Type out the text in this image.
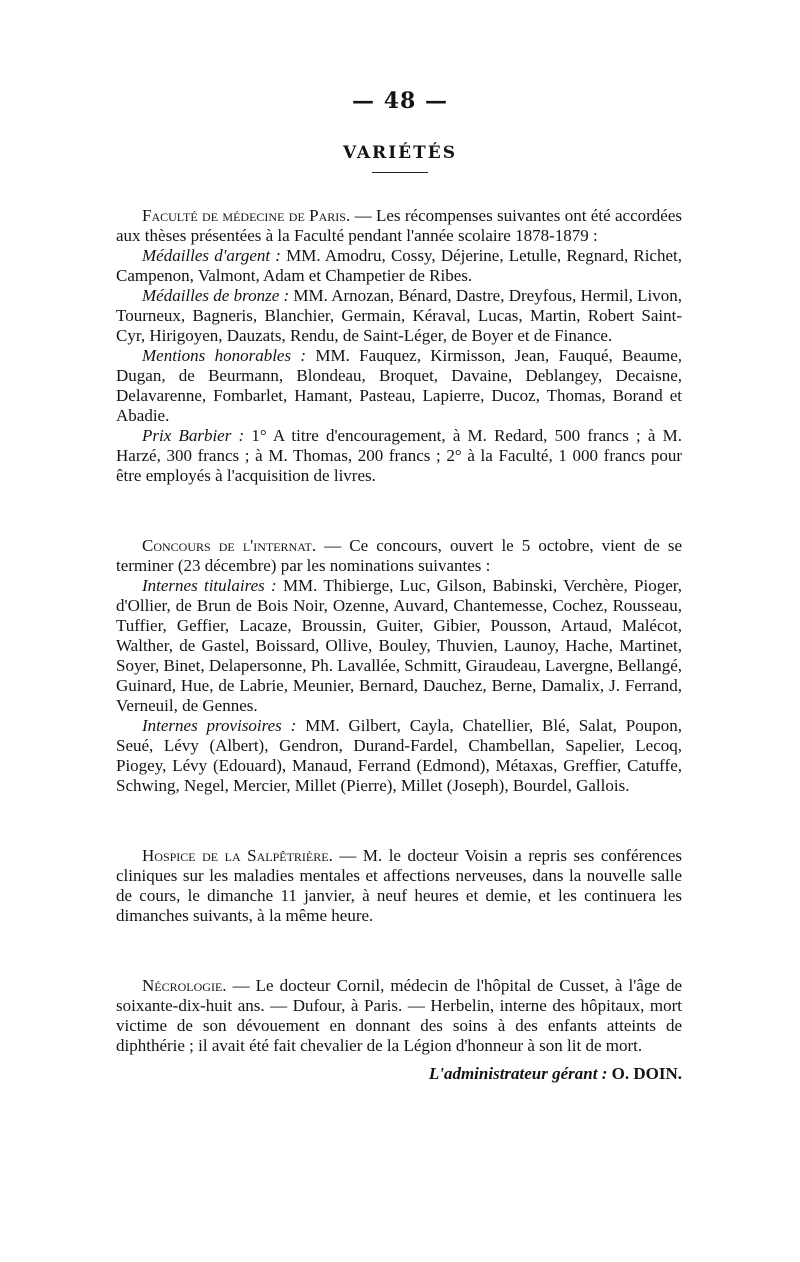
— 48 —
VARIÉTÉS

Faculté de médecine de Paris. — Les récompenses suivantes ont été accordées aux thèses présentées à la Faculté pendant l'année scolaire 1878-1879 :

Médailles d'argent : MM. Amodru, Cossy, Déjerine, Letulle, Regnard, Richet, Campenon, Valmont, Adam et Champetier de Ribes.

Médailles de bronze : MM. Arnozan, Bénard, Dastre, Dreyfous, Hermil, Livon, Tourneux, Bagneris, Blanchier, Germain, Kéraval, Lucas, Martin, Robert Saint-Cyr, Hirigoyen, Dauzats, Rendu, de Saint-Léger, de Boyer et de Finance.

Mentions honorables : MM. Fauquez, Kirmisson, Jean, Fauqué, Beaume, Dugan, de Beurmann, Blondeau, Broquet, Davaine, Deblangey, Decaisne, Delavarenne, Fombarlet, Hamant, Pasteau, Lapierre, Ducoz, Thomas, Borand et Abadie.

Prix Barbier : 1° A titre d'encouragement, à M. Redard, 500 francs ; à M. Harzé, 300 francs ; à M. Thomas, 200 francs ; 2° à la Faculté, 1 000 francs pour être employés à l'acquisition de livres.

Concours de l'internat. — Ce concours, ouvert le 5 octobre, vient de se terminer (23 décembre) par les nominations suivantes :

Internes titulaires : MM. Thibierge, Luc, Gilson, Babinski, Verchère, Pioger, d'Ollier, de Brun de Bois Noir, Ozenne, Auvard, Chantemesse, Cochez, Rousseau, Tuffier, Geffier, Lacaze, Broussin, Guiter, Gibier, Pousson, Artaud, Malécot, Walther, de Gastel, Boissard, Ollive, Bouley, Thuvien, Launoy, Hache, Martinet, Soyer, Binet, Delapersonne, Ph. Lavallée, Schmitt, Giraudeau, Lavergne, Bellangé, Guinard, Hue, de Labrie, Meunier, Bernard, Dauchez, Berne, Damalix, J. Ferrand, Verneuil, de Gennes.

Internes provisoires : MM. Gilbert, Cayla, Chatellier, Blé, Salat, Poupon, Seué, Lévy (Albert), Gendron, Durand-Fardel, Chambellan, Sapelier, Lecoq, Piogey, Lévy (Edouard), Manaud, Ferrand (Edmond), Métaxas, Greffier, Catuffe, Schwing, Negel, Mercier, Millet (Pierre), Millet (Joseph), Bourdel, Gallois.

Hospice de la Salpêtrière. — M. le docteur Voisin a repris ses conférences cliniques sur les maladies mentales et affections nerveuses, dans la nouvelle salle de cours, le dimanche 11 janvier, à neuf heures et demie, et les continuera les dimanches suivants, à la même heure.

Nécrologie. — Le docteur Cornil, médecin de l'hôpital de Cusset, à l'âge de soixante-dix-huit ans. — Dufour, à Paris. — Herbelin, interne des hôpitaux, mort victime de son dévouement en donnant des soins à des enfants atteints de diphthérie ; il avait été fait chevalier de la Légion d'honneur à son lit de mort.

L'administrateur gérant : O. DOIN.
